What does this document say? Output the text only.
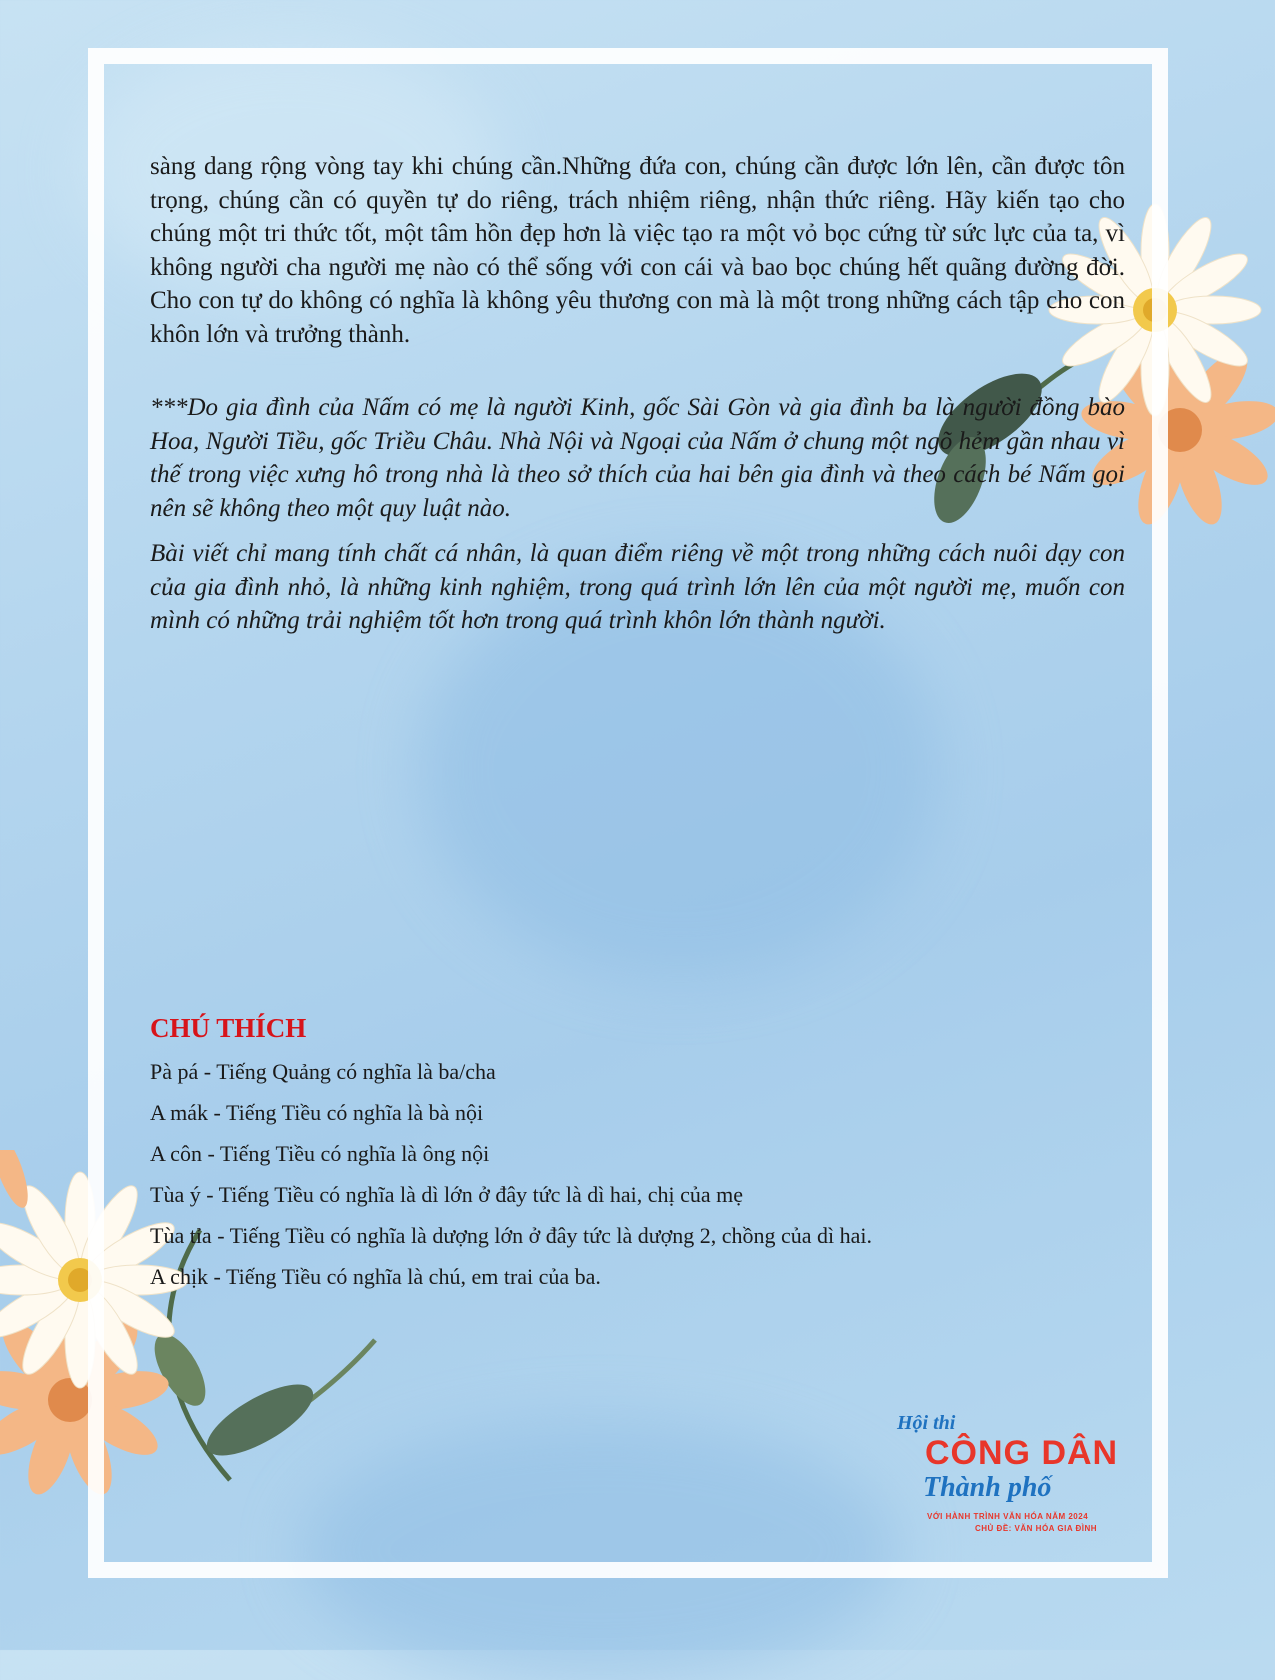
sàng dang rộng vòng tay khi chúng cần.Những đứa con, chúng cần được lớn lên, cần được tôn trọng, chúng cần có quyền tự do riêng, trách nhiệm riêng, nhận thức riêng. Hãy kiến tạo cho chúng một tri thức tốt, một tâm hồn đẹp hơn là việc tạo ra một vỏ bọc cứng từ sức lực của ta, vì không người cha người mẹ nào có thể sống với con cái và bao bọc chúng hết quãng đường đời. Cho con tự do không có nghĩa là không yêu thương con mà là một trong những cách tập cho con khôn lớn và trưởng thành.

***Do gia đình của Nấm có mẹ là người Kinh, gốc Sài Gòn và gia đình ba là người đồng bào Hoa, Người Tiều, gốc Triều Châu. Nhà Nội và Ngoại của Nấm ở chung một ngõ hẻm gần nhau vì thế trong việc xưng hô trong nhà là theo sở thích của hai bên gia đình và theo cách bé Nấm gọi nên sẽ không theo một quy luật nào.

Bài viết chỉ mang tính chất cá nhân, là quan điểm riêng về một trong những cách nuôi dạy con của gia đình nhỏ, là những kinh nghiệm, trong quá trình lớn lên của một người mẹ, muốn con mình có những trải nghiệm tốt hơn trong quá trình khôn lớn thành người.

CHÚ THÍCH

Pà pá - Tiếng Quảng có nghĩa là ba/cha

A mák - Tiếng Tiều có nghĩa là bà nội

A côn - Tiếng Tiều có nghĩa là ông nội

Tùa ý - Tiếng Tiều có nghĩa là dì lớn ở đây tức là dì hai, chị của mẹ

Tùa tỉa - Tiếng Tiều có nghĩa là dượng lớn ở đây tức là dượng 2, chồng của dì hai.

A chịk - Tiếng Tiều có nghĩa là chú, em trai của ba.

Hội thi
CÔNG DÂN
Thành phố
VỚI HÀNH TRÌNH VĂN HÓA NĂM 2024
CHỦ ĐỀ: VĂN HÓA GIA ĐÌNH
